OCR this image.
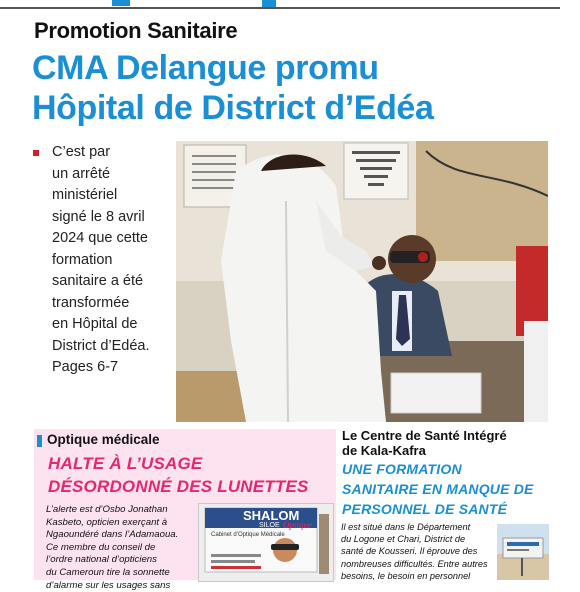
Promotion Sanitaire
CMA Delangue promu
Hôpital de District d’Edéa
C’est par
un arrêté
ministériel
signé le 8 avril
2024 que cette
formation
sanitaire a été
transformée
en Hôpital de
District d’Edéa.
Pages 6-7
Optique médicale
HALTE À L’USAGE
DÉSORDONNÉ DES LUNETTES
L’alerte est d’Osbo Jonathan
Kasbeto, opticien exerçant à
Ngaoundéré dans l’Adamaoua.
Ce membre du conseil de
l’ordre national d’opticiens
du Cameroun tire la sonnette
d’alarme sur les usages sans
SHALOM
SILOE Optique
Cabinet d’Optique Médicale
Le Centre de Santé Intégré
de Kala-Kafra
UNE FORMATION
SANITAIRE EN MANQUE DE
PERSONNEL DE SANTÉ
Il est situé dans le Département
du Logone et Chari, District de
santé de Kousseri. Il éprouve des
nombreuses difficultés. Entre autres
besoins, le besoin en personnel
